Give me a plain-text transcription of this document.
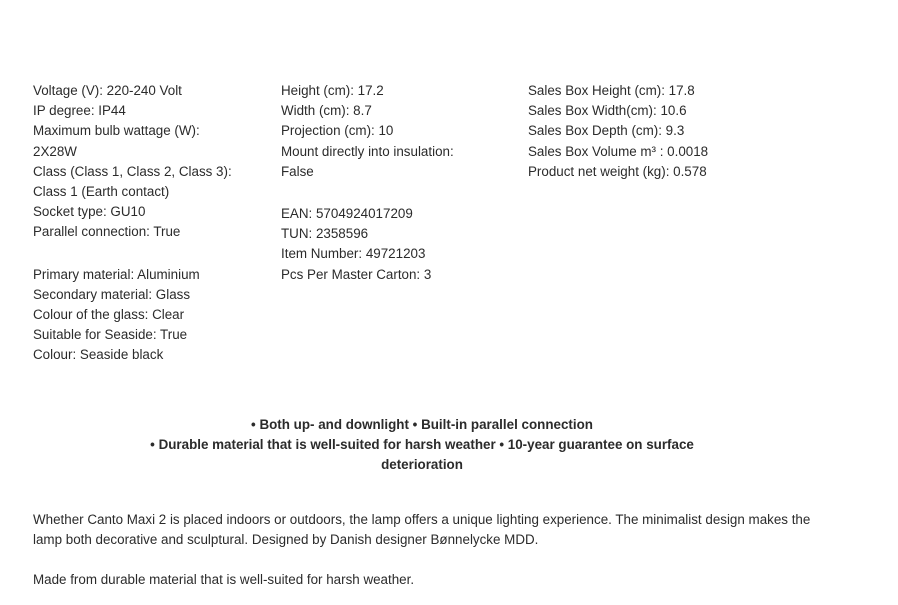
Voltage (V): 220-240 Volt
IP degree: IP44
Maximum bulb wattage (W):
2X28W
Class (Class 1, Class 2, Class 3):
Class 1 (Earth contact)
Socket type: GU10
Parallel connection: True
Primary material: Aluminium
Secondary material: Glass
Colour of the glass: Clear
Suitable for Seaside: True
Colour: Seaside black
Height (cm): 17.2
Width (cm): 8.7
Projection (cm): 10
Mount directly into insulation:
False
EAN: 5704924017209
TUN: 2358596
Item Number: 49721203
Pcs Per Master Carton: 3
Sales Box Height (cm): 17.8
Sales Box Width(cm): 10.6
Sales Box Depth (cm): 9.3
Sales Box Volume m³ : 0.0018
Product net weight (kg): 0.578
• Both up- and downlight • Built-in parallel connection
• Durable material that is well-suited for harsh weather • 10-year guarantee on surface
deterioration
Whether Canto Maxi 2 is placed indoors or outdoors, the lamp offers a unique lighting experience. The minimalist design makes the lamp both decorative and sculptural. Designed by Danish designer Bønnelycke MDD.
Made from durable material that is well-suited for harsh weather.
